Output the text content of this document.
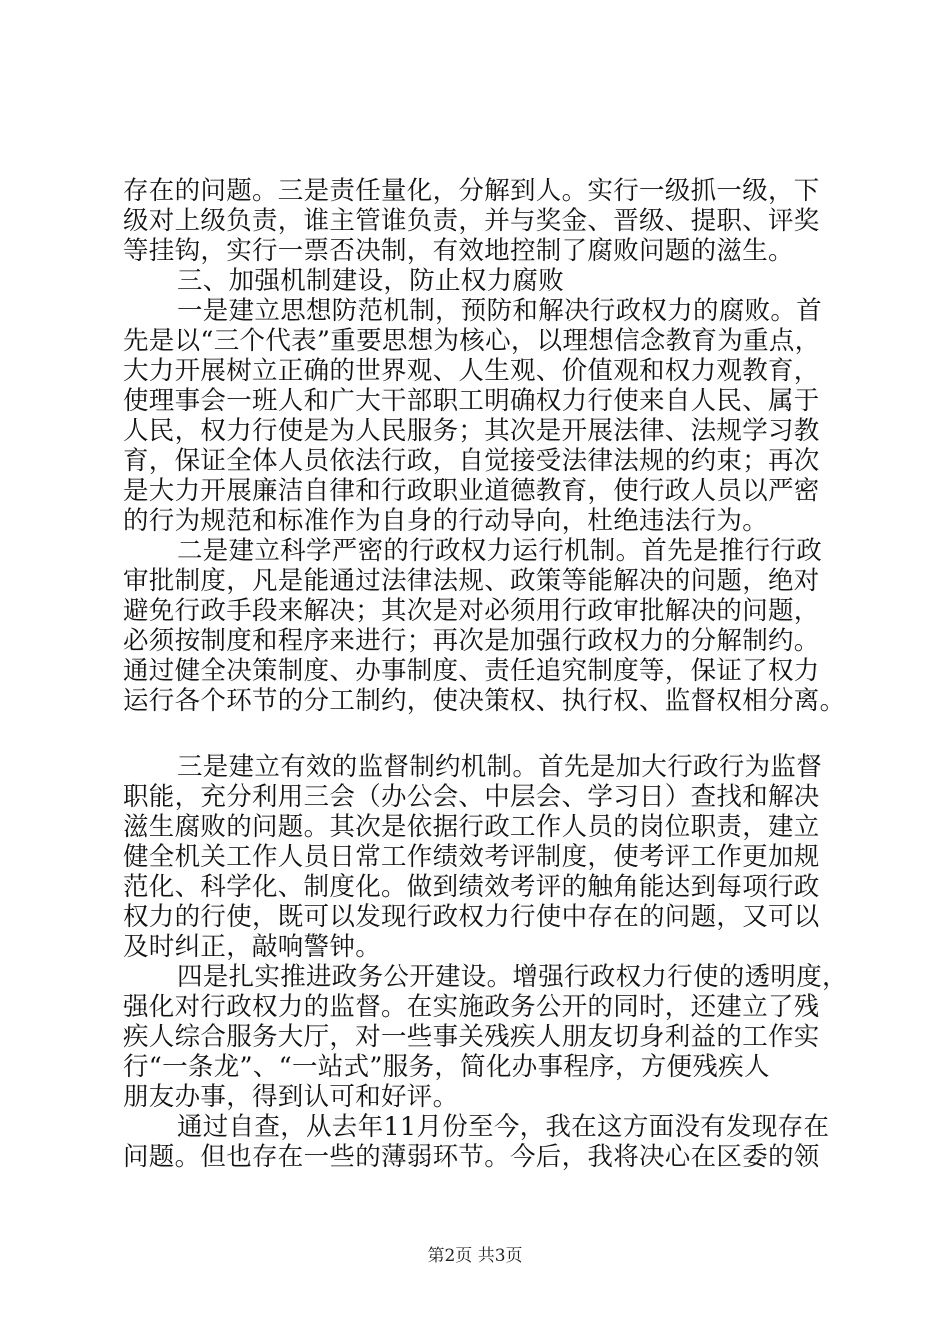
存在的问题。三是责任量化，分解到人。实行一级抓一级，下
级对上级负责，谁主管谁负责，并与奖金、晋级、提职、评奖
等挂钩，实行一票否决制，有效地控制了腐败问题的滋生。
三、加强机制建设，防止权力腐败
一是建立思想防范机制，预防和解决行政权力的腐败。首
先是以“三个代表”重要思想为核心，以理想信念教育为重点，
大力开展树立正确的世界观、人生观、价值观和权力观教育，
使理事会一班人和广大干部职工明确权力行使来自人民、属于
人民，权力行使是为人民服务；其次是开展法律、法规学习教
育，保证全体人员依法行政，自觉接受法律法规的约束；再次
是大力开展廉洁自律和行政职业道德教育，使行政人员以严密
的行为规范和标准作为自身的行动导向，杜绝违法行为。
二是建立科学严密的行政权力运行机制。首先是推行行政
审批制度，凡是能通过法律法规、政策等能解决的问题，绝对
避免行政手段来解决；其次是对必须用行政审批解决的问题，
必须按制度和程序来进行；再次是加强行政权力的分解制约。
通过健全决策制度、办事制度、责任追究制度等，保证了权力
运行各个环节的分工制约，使决策权、执行权、监督权相分离。
三是建立有效的监督制约机制。首先是加大行政行为监督
职能，充分利用三会（办公会、中层会、学习日）查找和解决
滋生腐败的问题。其次是依据行政工作人员的岗位职责，建立
健全机关工作人员日常工作绩效考评制度，使考评工作更加规
范化、科学化、制度化。做到绩效考评的触角能达到每项行政
权力的行使，既可以发现行政权力行使中存在的问题，又可以
及时纠正，敲响警钟。
四是扎实推进政务公开建设。增强行政权力行使的透明度，
强化对行政权力的监督。在实施政务公开的同时，还建立了残
疾人综合服务大厅，对一些事关残疾人朋友切身利益的工作实
行“一条龙”、“一站式”服务，简化办事程序，方便残疾人
朋友办事，得到认可和好评。
通过自查，从去年11月份至今，我在这方面没有发现存在
问题。但也存在一些的薄弱环节。今后，我将决心在区委的领
第2页 共3页
